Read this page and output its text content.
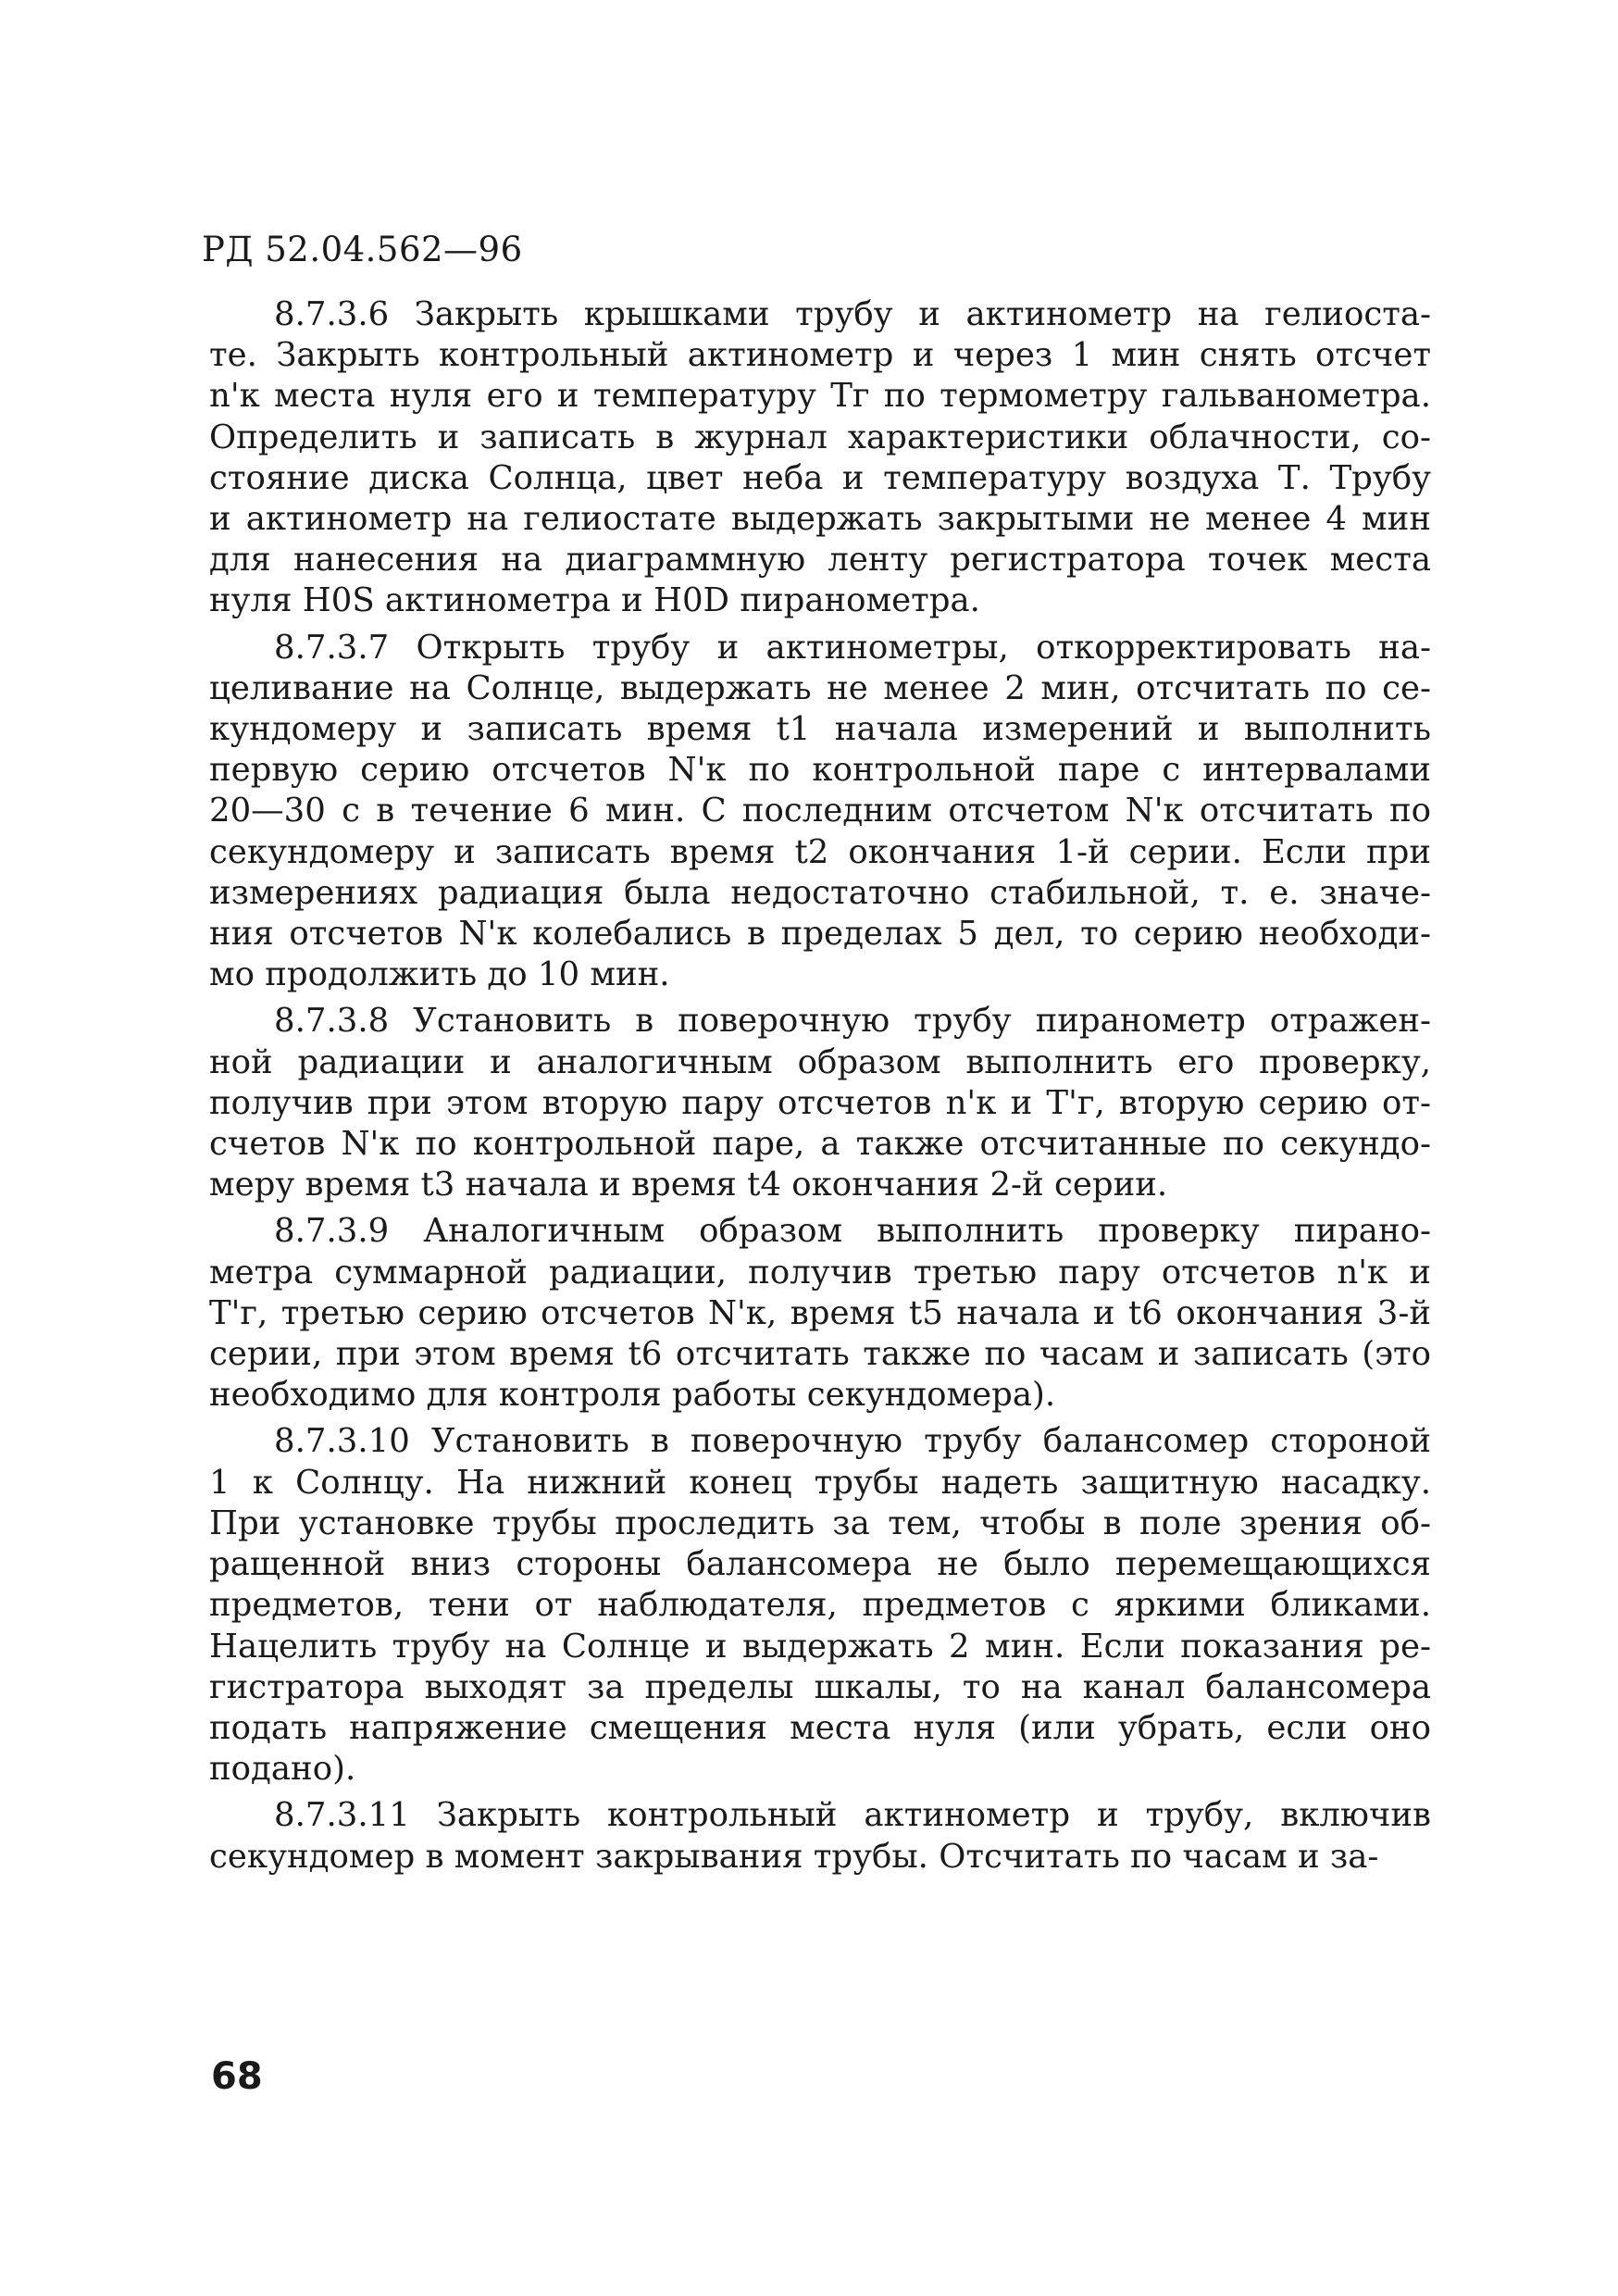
РД 52.04.562—96
8.7.3.6 Закрыть крышками трубу и актинометр на гелиоста-
те. Закрыть контрольный актинометр и через 1 мин снять отсчет
n'к места нуля его и температуру Тг по термометру гальванометра.
Определить и записать в журнал характеристики облачности, со-
стояние диска Солнца, цвет неба и температуру воздуха Т. Трубу
и актинометр на гелиостате выдержать закрытыми не менее 4 мин
для нанесения на диаграммную ленту регистратора точек места
нуля H0S актинометра и H0D пиранометра.
8.7.3.7 Открыть трубу и актинометры, откорректировать на-
целивание на Солнце, выдержать не менее 2 мин, отсчитать по се-
кундомеру и записать время t1 начала измерений и выполнить
первую серию отсчетов N'к по контрольной паре с интервалами
20—30 с в течение 6 мин. С последним отсчетом N'к отсчитать по
секундомеру и записать время t2 окончания 1-й серии. Если при
измерениях радиация была недостаточно стабильной, т. е. значе-
ния отсчетов N'к колебались в пределах 5 дел, то серию необходи-
мо продолжить до 10 мин.
8.7.3.8 Установить в поверочную трубу пиранометр отражен-
ной радиации и аналогичным образом выполнить его проверку,
получив при этом вторую пару отсчетов n'к и T'г, вторую серию от-
счетов N'к по контрольной паре, а также отсчитанные по секундо-
меру время t3 начала и время t4 окончания 2-й серии.
8.7.3.9 Аналогичным образом выполнить проверку пирано-
метра суммарной радиации, получив третью пару отсчетов n'к и
T'г, третью серию отсчетов N'к, время t5 начала и t6 окончания 3-й
серии, при этом время t6 отсчитать также по часам и записать (это
необходимо для контроля работы секундомера).
8.7.3.10 Установить в поверочную трубу балансомер стороной
1 к Солнцу. На нижний конец трубы надеть защитную насадку.
При установке трубы проследить за тем, чтобы в поле зрения об-
ращенной вниз стороны балансомера не было перемещающихся
предметов, тени от наблюдателя, предметов с яркими бликами.
Нацелить трубу на Солнце и выдержать 2 мин. Если показания ре-
гистратора выходят за пределы шкалы, то на канал балансомера
подать напряжение смещения места нуля (или убрать, если оно
подано).
8.7.3.11 Закрыть контрольный актинометр и трубу, включив
секундомер в момент закрывания трубы. Отсчитать по часам и за-
68
